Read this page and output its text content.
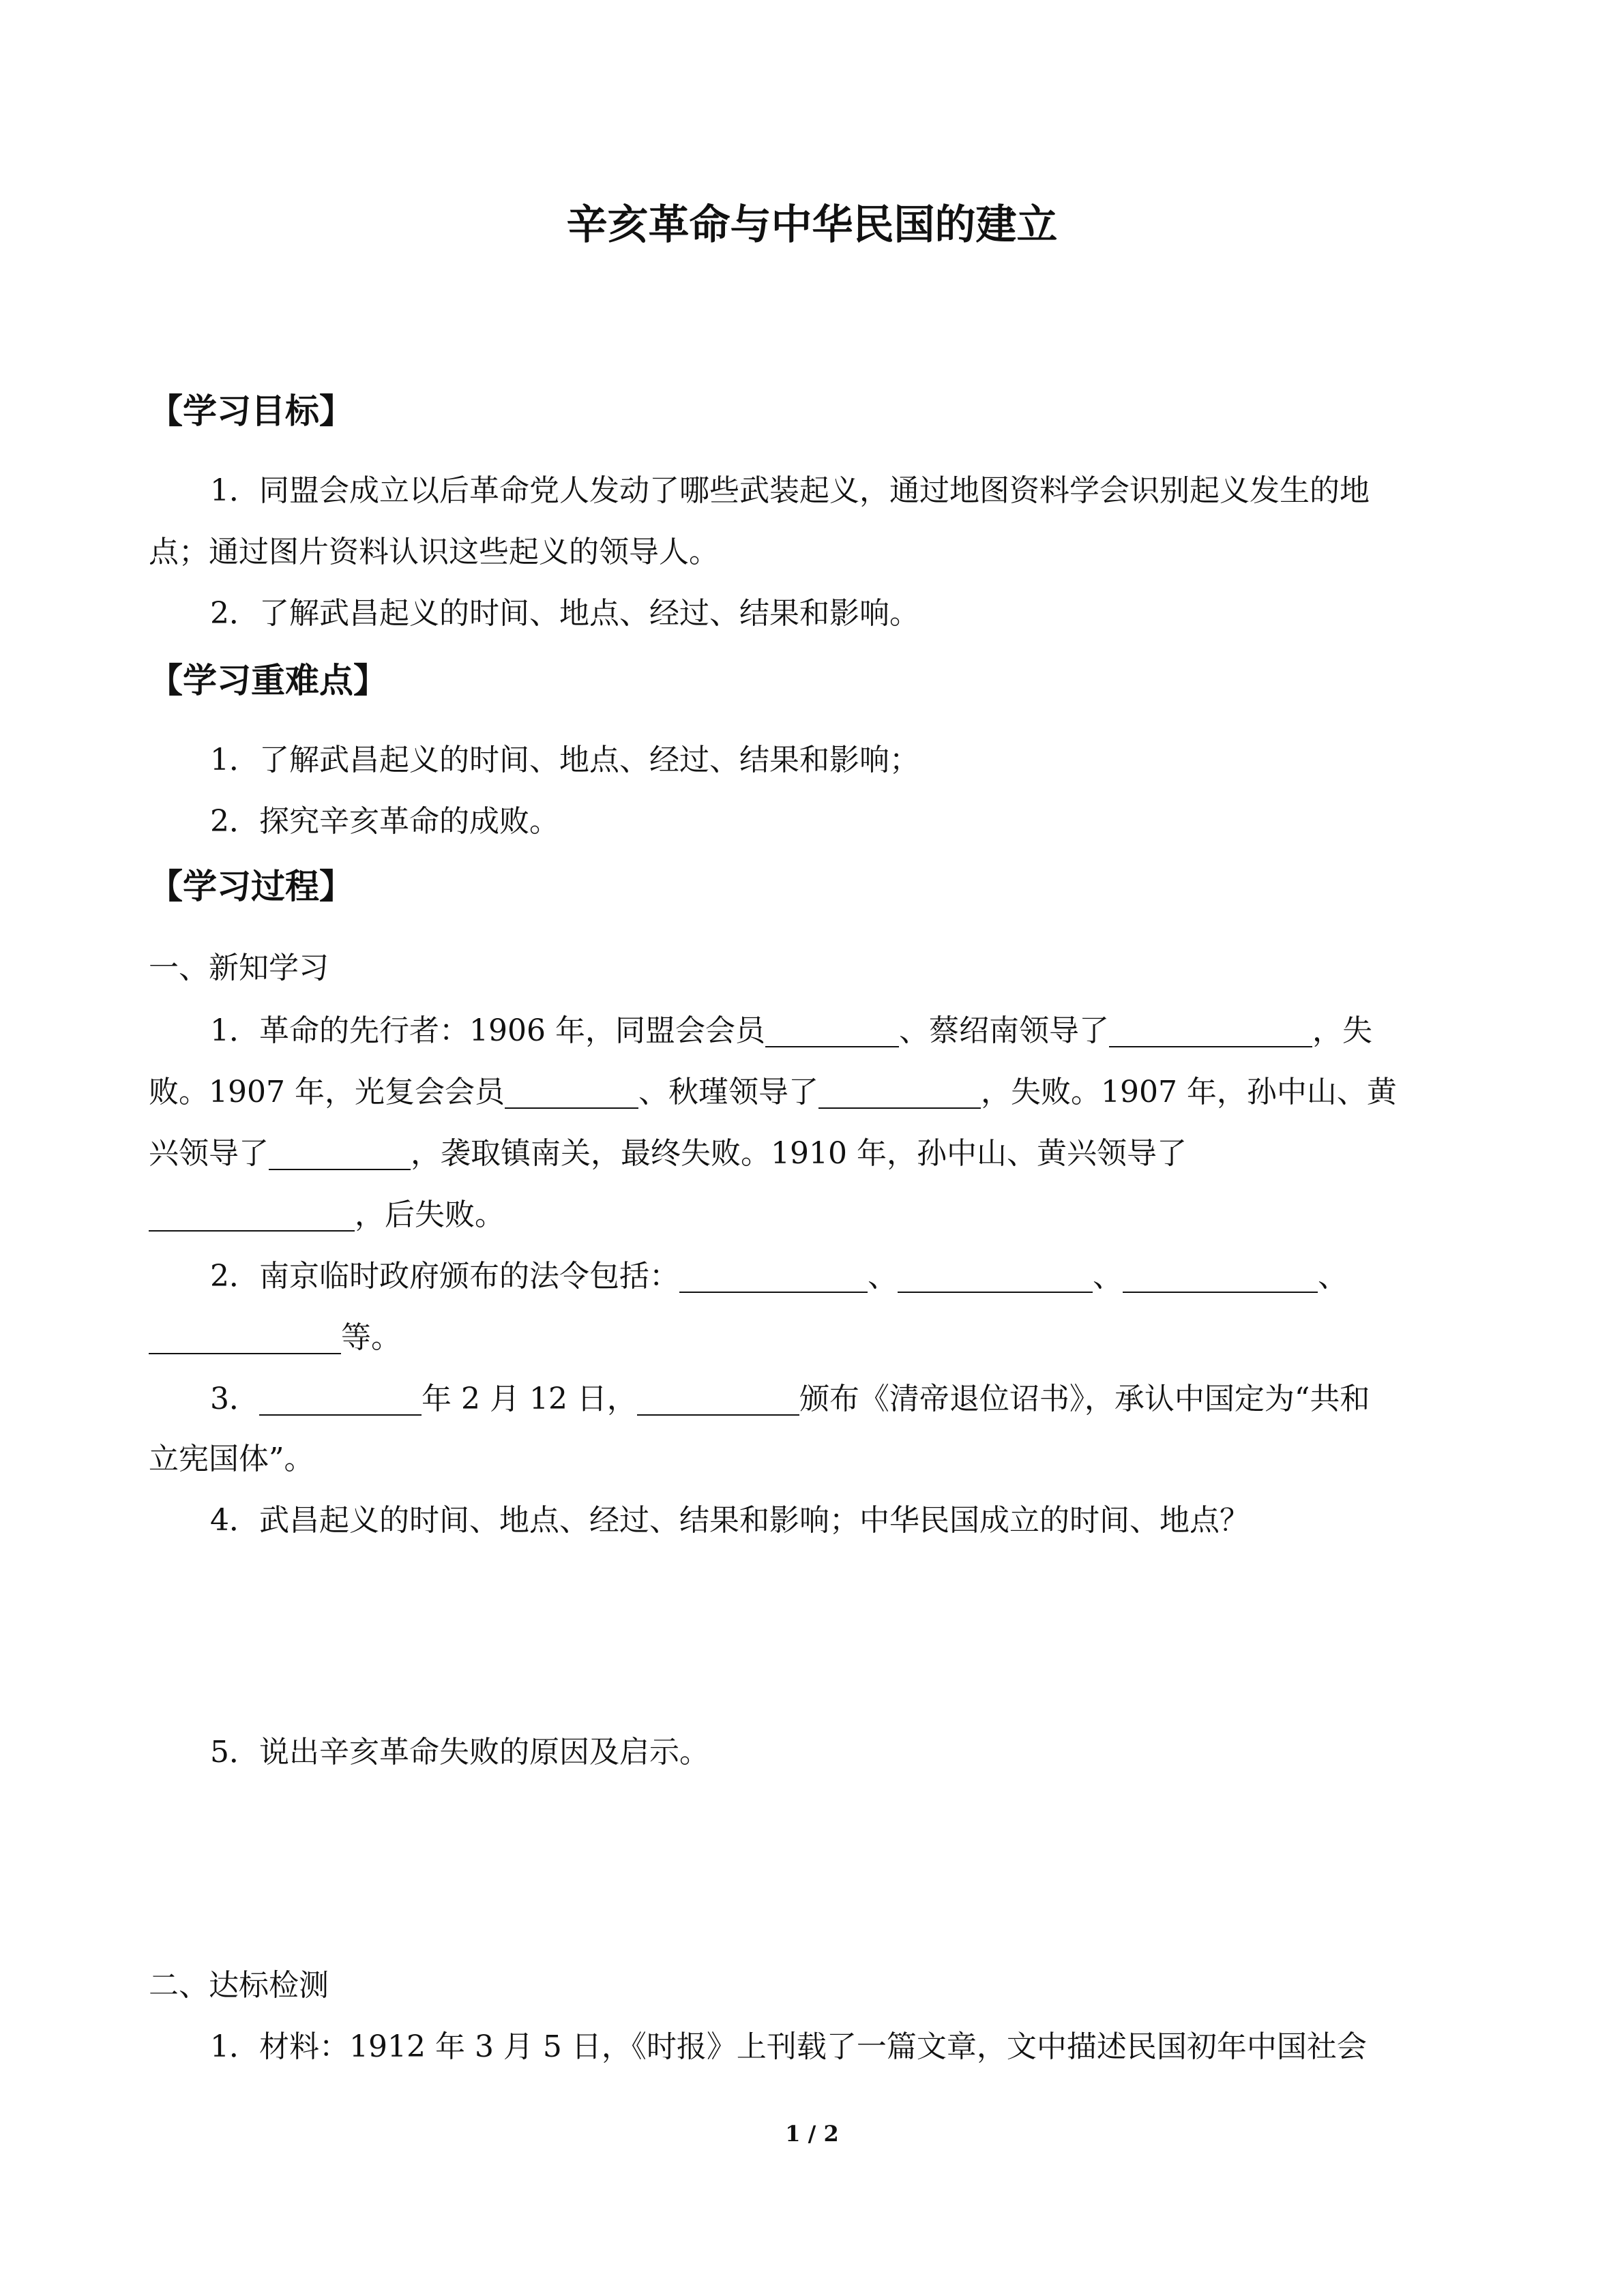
辛亥革命与中华民国的建立
【学习目标】
1．同盟会成立以后革命党人发动了哪些武装起义，通过地图资料学会识别起义发生的地
点；通过图片资料认识这些起义的领导人。
2．了解武昌起义的时间、地点、经过、结果和影响。
【学习重难点】
1．了解武昌起义的时间、地点、经过、结果和影响；
2．探究辛亥革命的成败。
【学习过程】
一、新知学习
1．革命的先行者：1906 年，同盟会会员	、蔡绍南领导了	，失
败。1907 年，光复会会员	、秋瑾领导了	，失败。1907 年，孙中山、黄
兴领导了	，袭取镇南关，最终失败。1910 年，孙中山、黄兴领导了
，后失败。
2．南京临时政府颁布的法令包括：	、	、	、
等。
3．	年 2 月 12 日，	颁布《清帝退位诏书》，承认中国定为“共和
立宪国体”。
4．武昌起义的时间、地点、经过、结果和影响；中华民国成立的时间、地点？
5．说出辛亥革命失败的原因及启示。
二、达标检测
1．材料：1912 年 3 月 5 日，《时报》上刊载了一篇文章，文中描述民国初年中国社会
1 / 2
